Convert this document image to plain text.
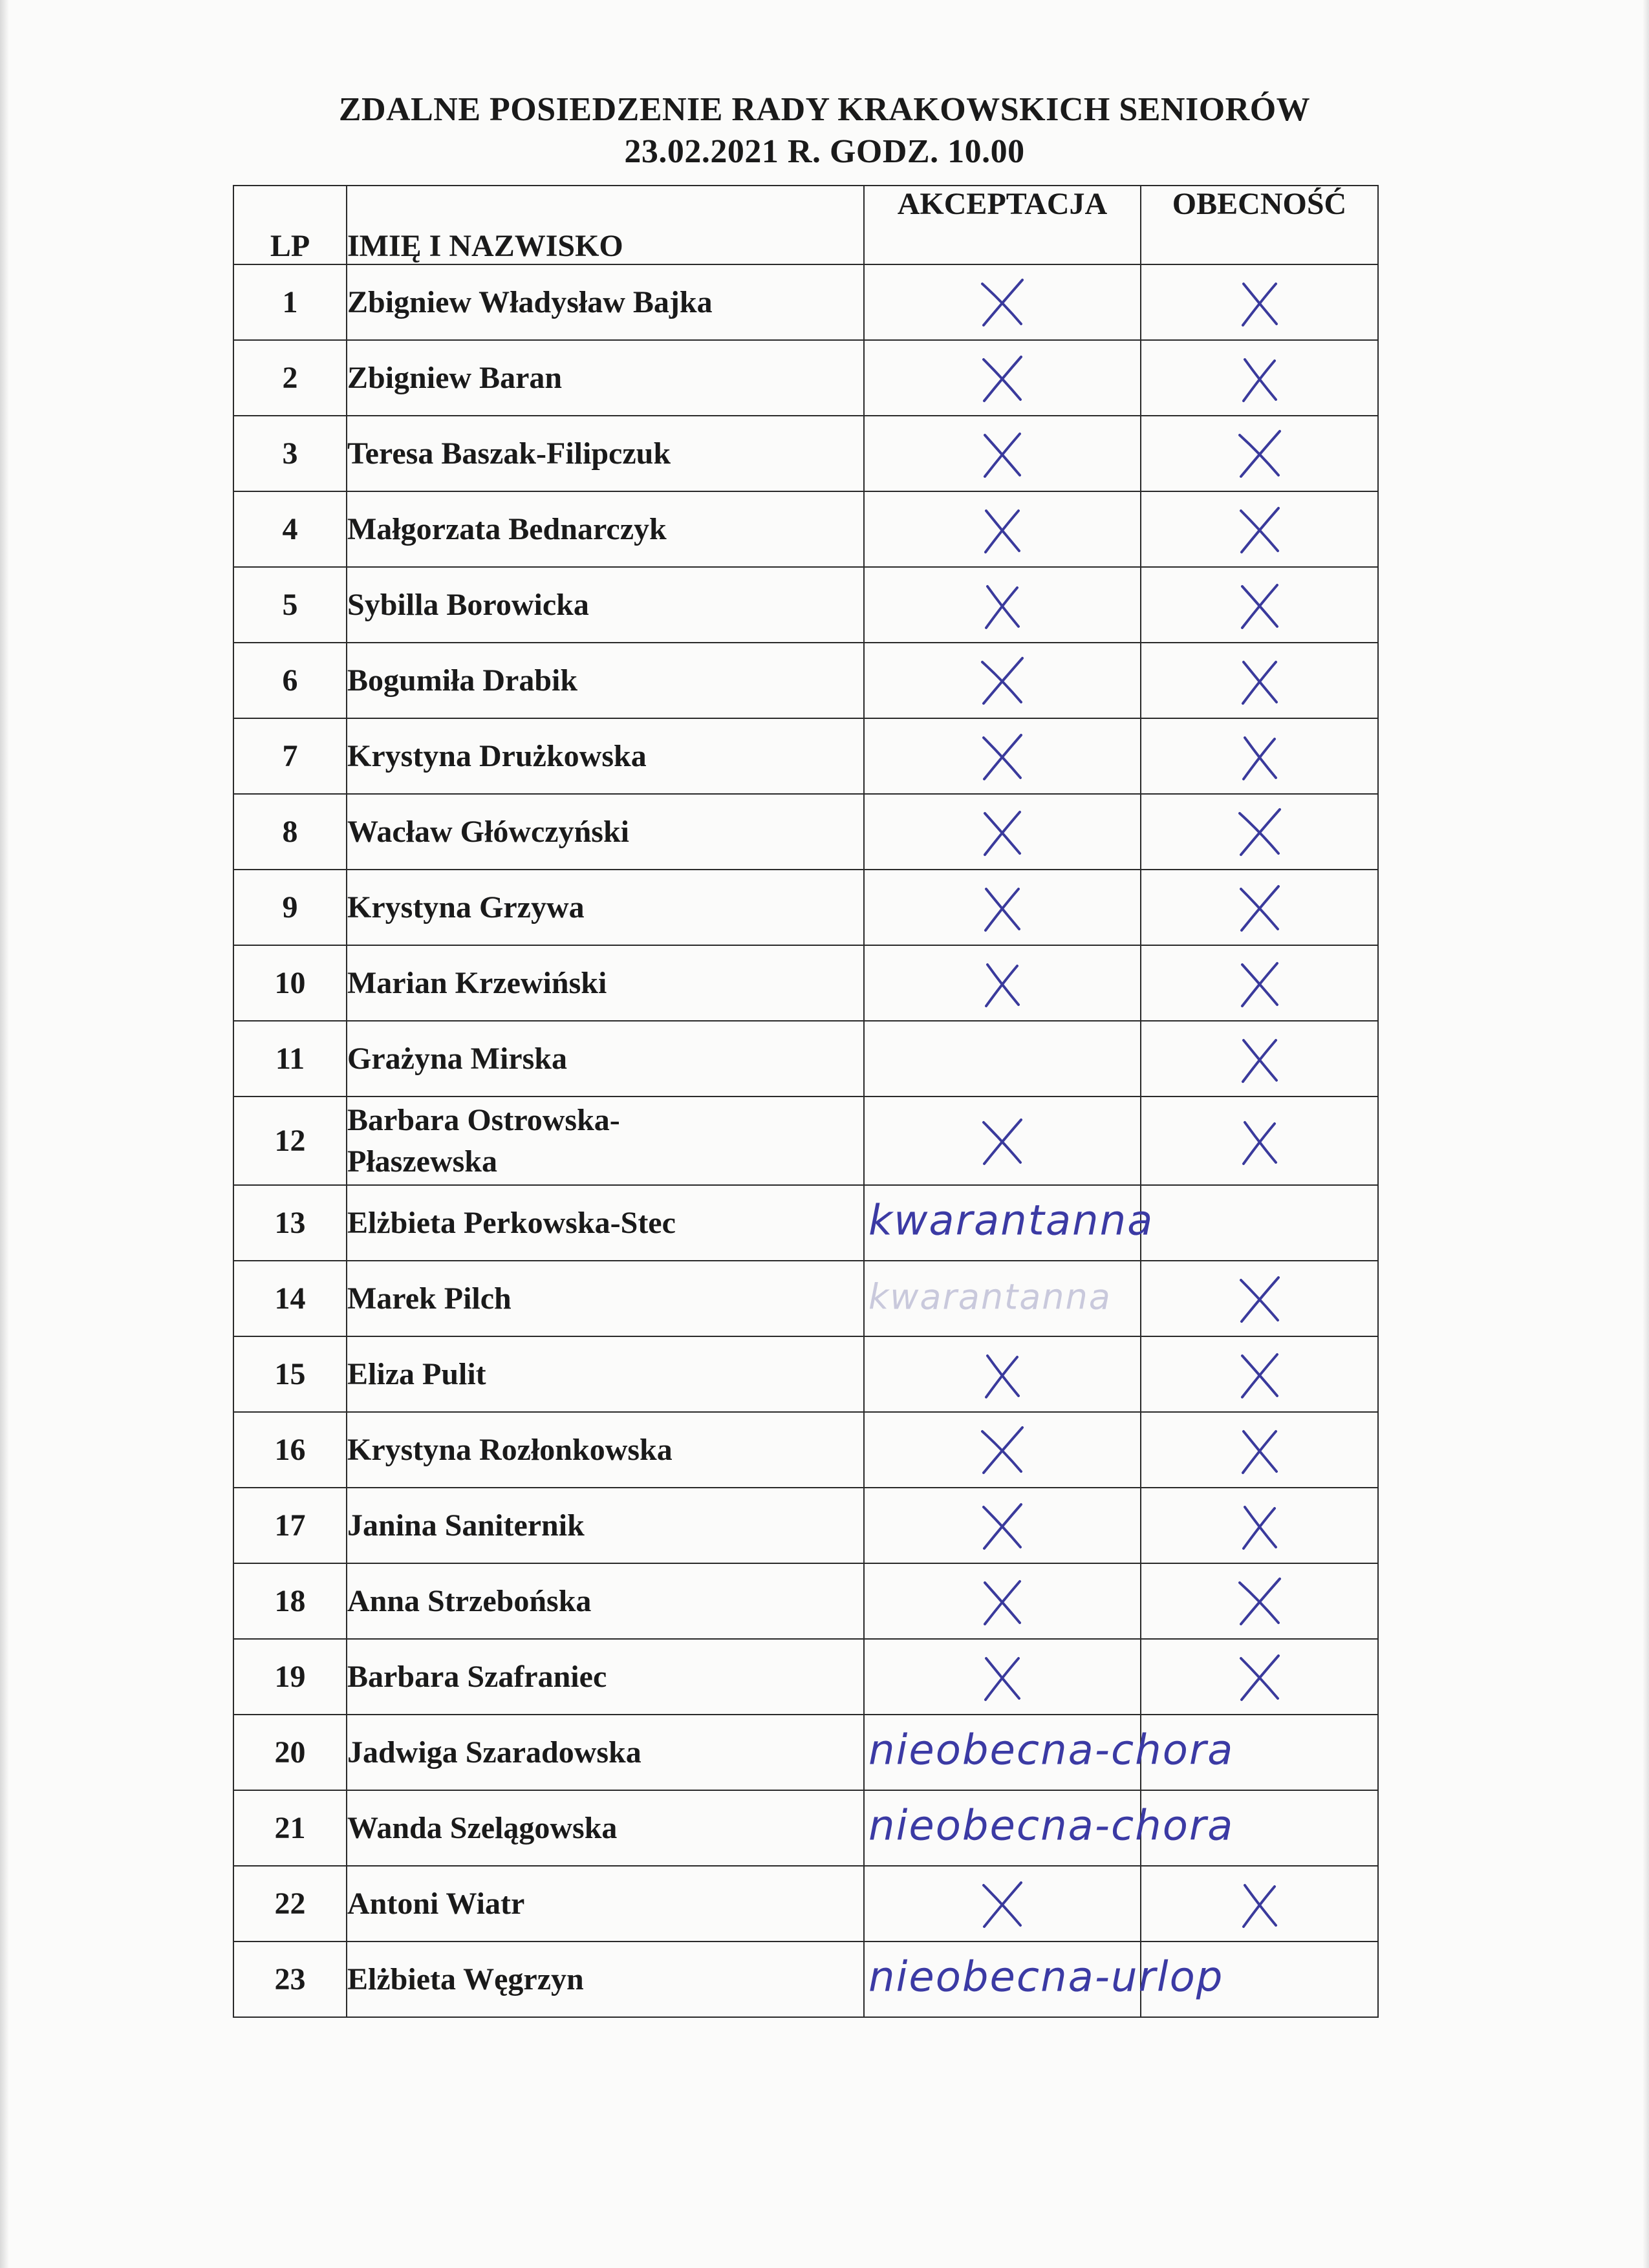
ZDALNE POSIEDZENIE RADY KRAKOWSKICH SENIORÓW
23.02.2021 R. GODZ. 10.00
LP	IMIĘ I NAZWISKO	AKCEPTACJA	OBECNOŚĆ
1	Zbigniew Władysław Bajka		
2	Zbigniew Baran		
3	Teresa Baszak-Filipczuk		
4	Małgorzata Bednarczyk		
5	Sybilla Borowicka		
6	Bogumiła Drabik		
7	Krystyna Drużkowska		
8	Wacław Główczyński		
9	Krystyna Grzywa		
10	Marian Krzewiński		
11	Grażyna Mirska		
12	Barbara Ostrowska-
Płaszewska		
13	Elżbieta Perkowska-Stec	kwarantanna	

14	Marek Pilch	kwarantanna

15	Eliza Pulit		
16	Krystyna Rozłonkowska		
17	Janina Saniternik		
18	Anna Strzebońska		
19	Barbara Szafraniec		
20	Jadwiga Szaradowska	nieobecna-chora	

21	Wanda Szelągowska	nieobecna-chora	

22	Antoni Wiatr		
23	Elżbieta Węgrzyn	nieobecna-urlop	
